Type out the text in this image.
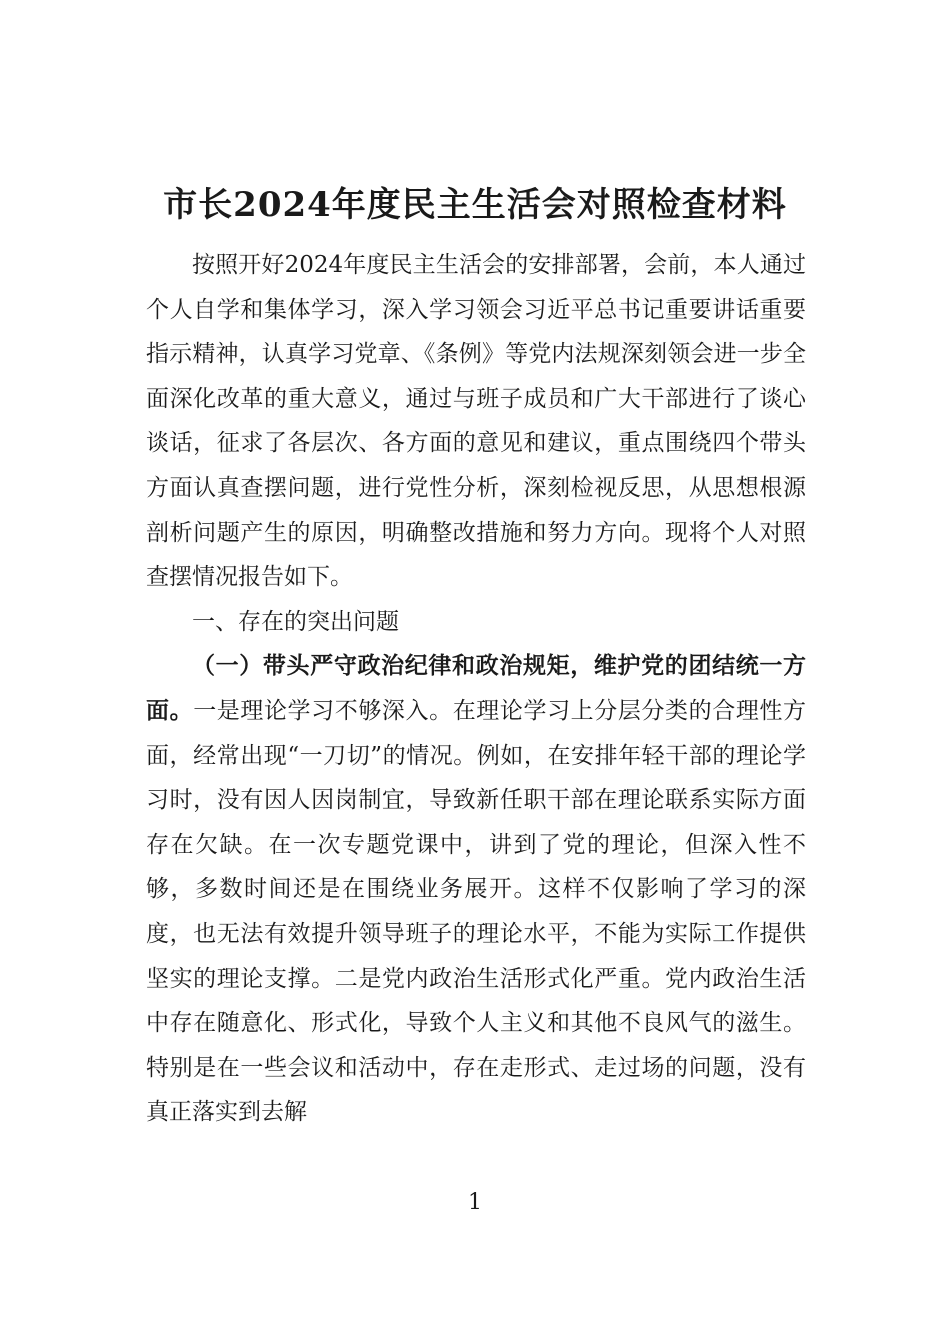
市长2024年度民主生活会对照检查材料

按照开好2024年度民主生活会的安排部署，会前，本人通过个人自学和集体学习，深入学习领会习近平总书记重要讲话重要指示精神，认真学习党章、《条例》等党内法规深刻领会进一步全面深化改革的重大意义，通过与班子成员和广大干部进行了谈心谈话，征求了各层次、各方面的意见和建议，重点围绕四个带头方面认真查摆问题，进行党性分析，深刻检视反思，从思想根源剖析问题产生的原因，明确整改措施和努力方向。现将个人对照查摆情况报告如下。

一、存在的突出问题

（一）带头严守政治纪律和政治规矩，维护党的团结统一方面。一是理论学习不够深入。在理论学习上分层分类的合理性方面，经常出现“一刀切”的情况。例如，在安排年轻干部的理论学习时，没有因人因岗制宜，导致新任职干部在理论联系实际方面存在欠缺。在一次专题党课中，讲到了党的理论，但深入性不够，多数时间还是在围绕业务展开。这样不仅影响了学习的深度，也无法有效提升领导班子的理论水平，不能为实际工作提供坚实的理论支撑。二是党内政治生活形式化严重。党内政治生活中存在随意化、形式化，导致个人主义和其他不良风气的滋生。特别是在一些会议和活动中，存在走形式、走过场的问题，没有真正落实到去解

1
